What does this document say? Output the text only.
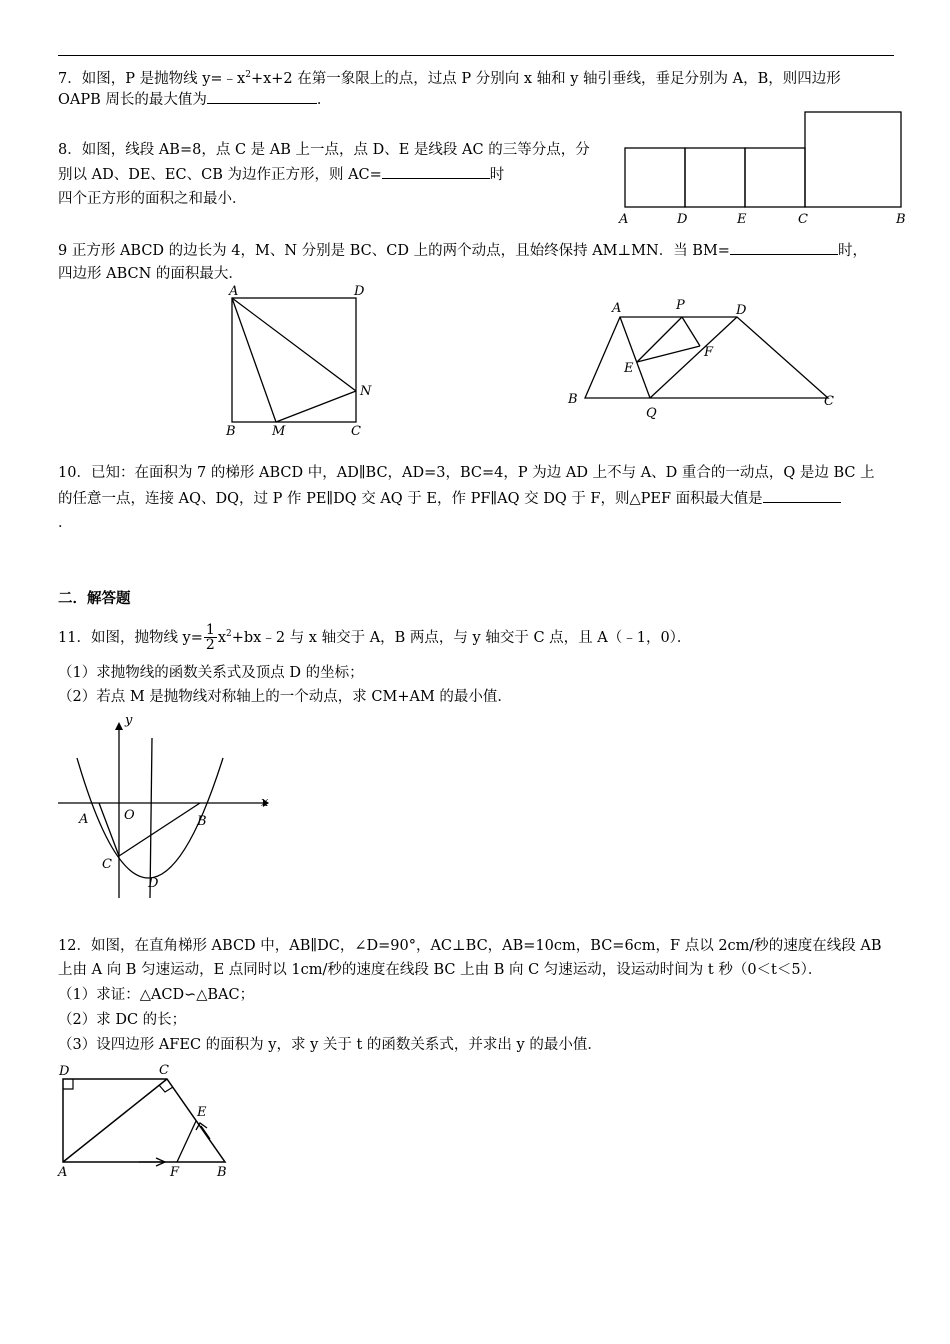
7．如图，P 是抛物线 $y=﹣x^2+x+2$ 在第一象限上的点，过点 P 分别向 x 轴和 y 轴引垂线，垂足分别为 A，B，则四边形
OAPB 周长的最大值为	．
8．如图，线段 AB=8，点 C 是 AB 上一点，点 D、E 是线段 AC 的三等分点，分
别以 AD、DE、EC、CB 为边作正方形，则 AC=	时
四个正方形的面积之和最小．
A	D	E	C	B
9 正方形 ABCD 的边长为 4，M、N 分别是 BC、CD 上的两个动点，且始终保持 AM⊥MN．当 BM=	时，
四边形 ABCN 的面积最大．
A	D
N
B	M	C
A	P	D
E
F
B
Q
C
10．已知：在面积为 7 的梯形 ABCD 中，AD∥BC，AD=3，BC=4，P 为边 AD 上不与 A、D 重合的一动点，Q 是边 BC 上
的任意一点，连接 AQ、DQ，过 P 作 PE∥DQ 交 AQ 于 E，作 PF∥AQ 交 DQ 于 F，则△PEF 面积最大值是
．
二．解答题
11．如图，抛物线 $y= \frac{1}{2}$ $x^2+bx﹣2$ 与 x 轴交于 A，B 两点，与 y 轴交于 C 点，且 A（﹣1，0）．
（1）求抛物线的函数关系式及顶点 D 的坐标；
（2）若点 M 是抛物线对称轴上的一个动点，求 CM+AM 的最小值．
y
x
O
A	B
C
D
12．如图，在直角梯形 ABCD 中，AB∥DC，∠D=90°，AC⊥BC，AB=10cm，BC=6cm，F 点以 2cm/秒的速度在线段 AB
上由 A 向 B 匀速运动，E 点同时以 1cm/秒的速度在线段 BC 上由 B 向 C 匀速运动，设运动时间为 t 秒（0＜t＜5）．
（1）求证：△ACD∽△BAC；
（2）求 DC 的长；
（3）设四边形 AFEC 的面积为 y，求 y 关于 t 的函数关系式，并求出 y 的最小值．
D	C
E
A	F	B
